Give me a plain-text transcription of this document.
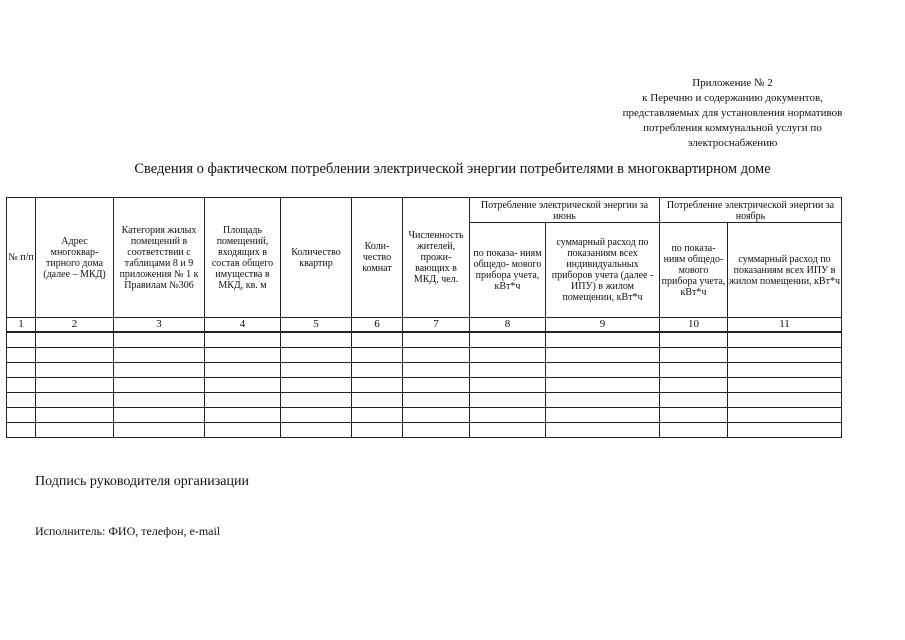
Приложение № 2
к Перечню и содержанию документов,
представляемых для установления нормативов
потребления коммунальной услуги по
электроснабжению
Сведения о фактическом потреблении электрической энергии потребителями в многоквартирном доме
№ п/п	Адрес многоквар- тирного дома (далее – МКД)	Категория жилых помещений в соответствии с таблицами 8 и 9 приложения № 1 к Правилам №306	Площадь помещений, входящих в состав общего имущества в МКД, кв. м	Количество квартир	Коли- чество комнат	Численность жителей, прожи- вающих в МКД, чел.	Потребление электрической энергии за июнь		Потребление электрической энергии за ноябрь	
							по показа- ниям общедо- мового прибора учета, кВт*ч	суммарный расход по показаниям всех индивидуальных приборов учета (далее - ИПУ) в жилом помещении, кВт*ч	по показа- ниям общедо- мового прибора учета, кВт*ч	суммарный расход по показаниям всех ИПУ в жилом помещении, кВт*ч
1	2	3	4	5	6	7	8	9	10	11

Подпись руководителя организации
Исполнитель: ФИО, телефон, e-mail
